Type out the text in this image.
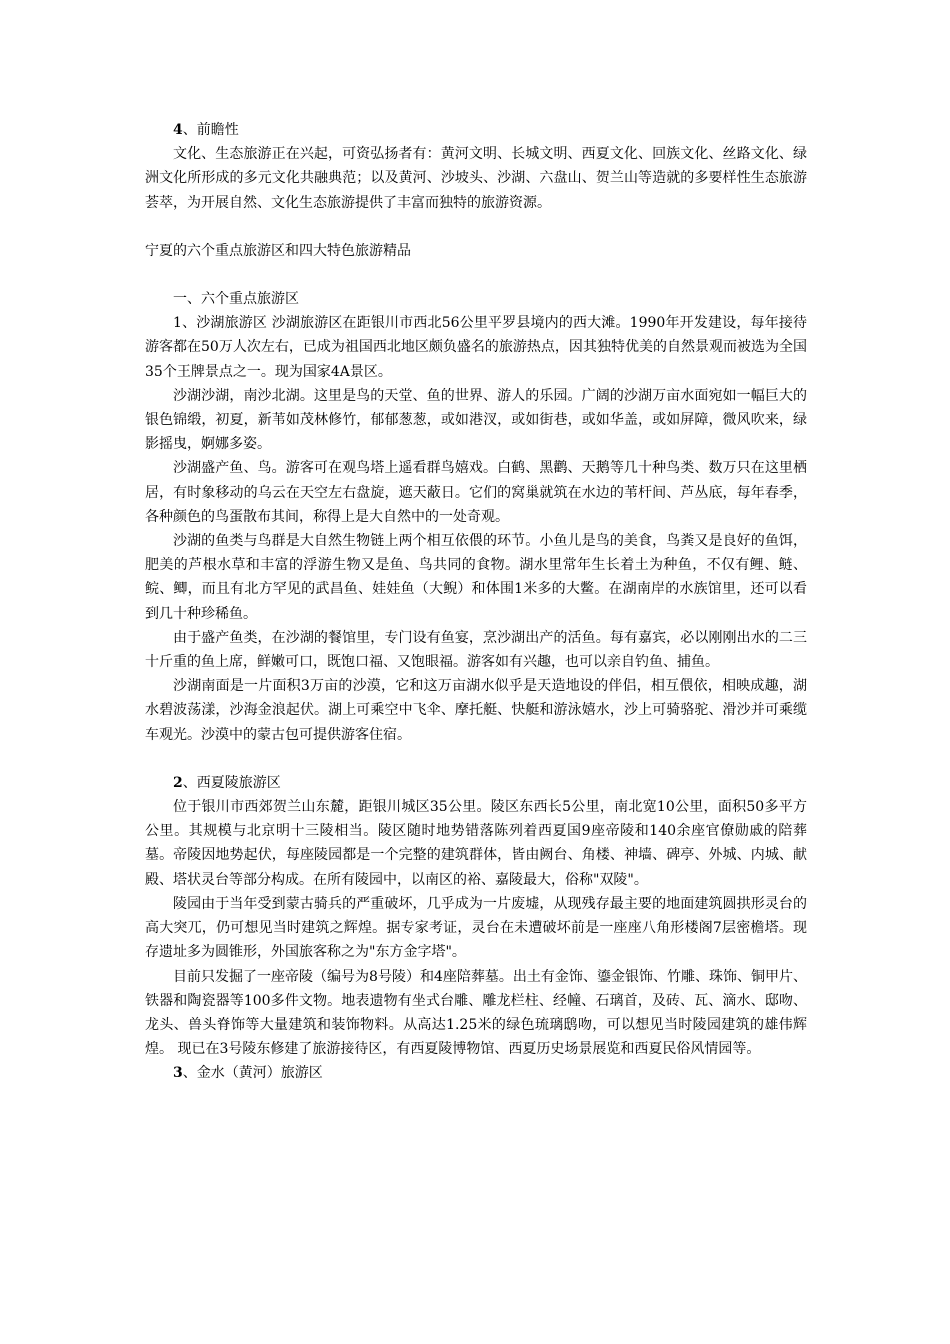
4、前瞻性

文化、生态旅游正在兴起，可资弘扬者有：黄河文明、长城文明、西夏文化、回族文化、丝路文化、绿洲文化所形成的多元文化共融典范；以及黄河、沙坡头、沙湖、六盘山、贺兰山等造就的多要样性生态旅游荟萃，为开展自然、文化生态旅游提供了丰富而独特的旅游资源。

宁夏的六个重点旅游区和四大特色旅游精品

一、六个重点旅游区

1、沙湖旅游区 沙湖旅游区在距银川市西北56公里平罗县境内的西大滩。1990年开发建设，每年接待游客都在50万人次左右，已成为祖国西北地区颇负盛名的旅游热点，因其独特优美的自然景观而被选为全国35个王牌景点之一。现为国家4A景区。

沙湖沙湖，南沙北湖。这里是鸟的天堂、鱼的世界、游人的乐园。广阔的沙湖万亩水面宛如一幅巨大的银色锦缎，初夏，新苇如茂林修竹，郁郁葱葱，或如港汊，或如街巷，或如华盖，或如屏障，微风吹来，绿影摇曳，婀娜多姿。

沙湖盛产鱼、鸟。游客可在观鸟塔上遥看群鸟嬉戏。白鹤、黑鹳、天鹅等几十种鸟类、数万只在这里栖居，有时象移动的乌云在天空左右盘旋，遮天蔽日。它们的窝巢就筑在水边的苇杆间、芦丛底，每年春季，各种颜色的鸟蛋散布其间，称得上是大自然中的一处奇观。

沙湖的鱼类与鸟群是大自然生物链上两个相互依偎的环节。小鱼儿是鸟的美食，鸟粪又是良好的鱼饵，肥美的芦根水草和丰富的浮游生物又是鱼、鸟共同的食物。湖水里常年生长着土为种鱼，不仅有鲤、鲢、鲩、鲫，而且有北方罕见的武昌鱼、娃娃鱼（大鲵）和体围1米多的大鳖。在湖南岸的水族馆里，还可以看到几十种珍稀鱼。

由于盛产鱼类，在沙湖的餐馆里，专门设有鱼宴，烹沙湖出产的活鱼。每有嘉宾，必以刚刚出水的二三十斤重的鱼上席，鲜嫩可口，既饱口福、又饱眼福。游客如有兴趣，也可以亲自钓鱼、捕鱼。

沙湖南面是一片面积3万亩的沙漠，它和这万亩湖水似乎是天造地设的伴侣，相互偎依，相映成趣，湖水碧波荡漾，沙海金浪起伏。湖上可乘空中飞伞、摩托艇、快艇和游泳嬉水，沙上可骑骆驼、滑沙并可乘缆车观光。沙漠中的蒙古包可提供游客住宿。

2、西夏陵旅游区

位于银川市西郊贺兰山东麓，距银川城区35公里。陵区东西长5公里，南北宽10公里，面积50多平方公里。其规模与北京明十三陵相当。陵区随时地势错落陈列着西夏国9座帝陵和140余座官僚勋戚的陪葬墓。帝陵因地势起伏，每座陵园都是一个完整的建筑群体，皆由阙台、角楼、神墙、碑亭、外城、内城、献殿、塔状灵台等部分构成。在所有陵园中，以南区的裕、嘉陵最大，俗称"双陵"。

陵园由于当年受到蒙古骑兵的严重破坏，几乎成为一片废墟，从现残存最主要的地面建筑圆拱形灵台的高大突兀，仍可想见当时建筑之辉煌。据专家考证，灵台在未遭破坏前是一座座八角形楼阁7层密檐塔。现存遗址多为圆锥形，外国旅客称之为"东方金字塔"。

目前只发掘了一座帝陵（编号为8号陵）和4座陪葬墓。出土有金饰、鎏金银饰、竹雕、珠饰、铜甲片、铁器和陶瓷器等100多件文物。地表遗物有坐式台雕、雕龙栏柱、经幢、石璃首，及砖、瓦、滴水、邸吻、龙头、兽头脊饰等大量建筑和装饰物料。从高达1.25米的绿色琉璃鸱吻，可以想见当时陵园建筑的雄伟辉煌。 现已在3号陵东修建了旅游接待区，有西夏陵博物馆、西夏历史场景展览和西夏民俗风情园等。

3、金水（黄河）旅游区
